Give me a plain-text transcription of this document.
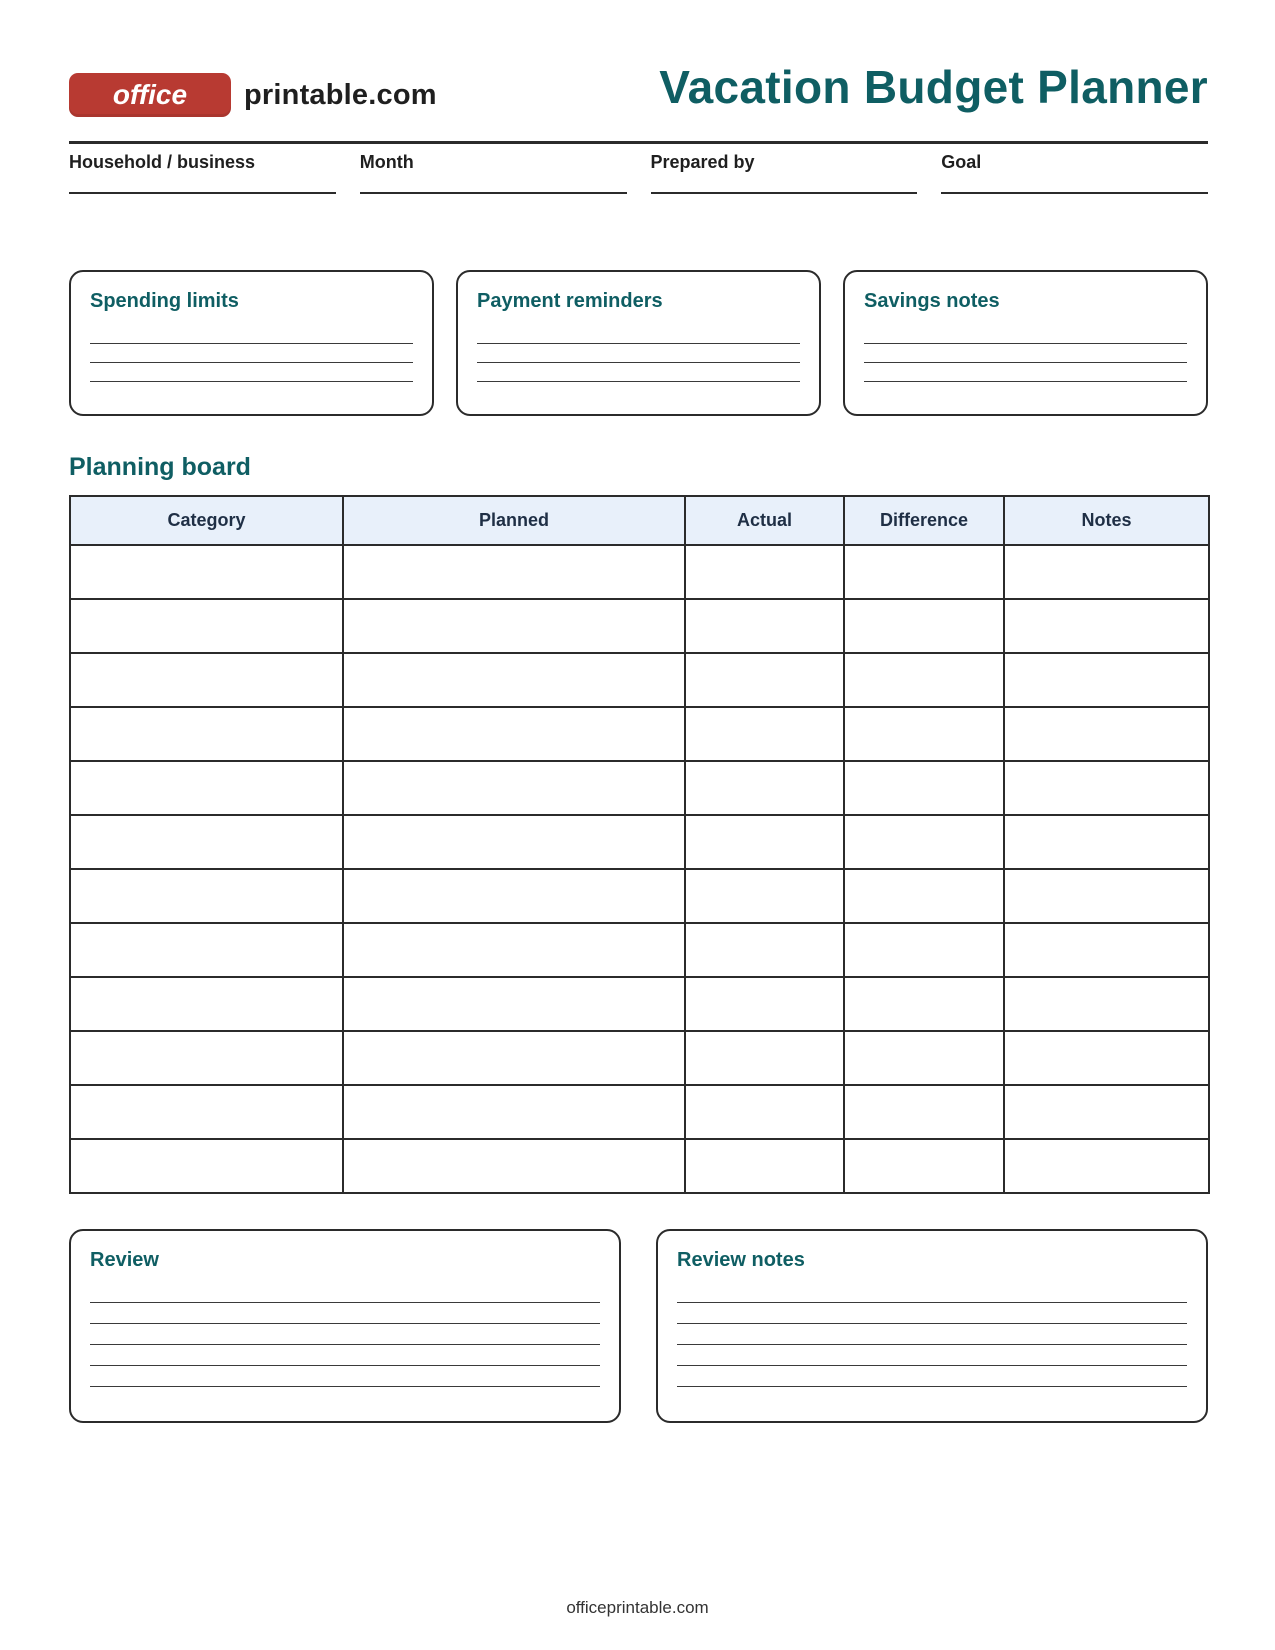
office printable.com	Vacation Budget Planner
Household / business	Month	Prepared by	Goal
Spending limits	Payment reminders	Savings notes
Planning board
Category	Planned	Actual	Difference	Notes

Review	Review notes
officeprintable.com
